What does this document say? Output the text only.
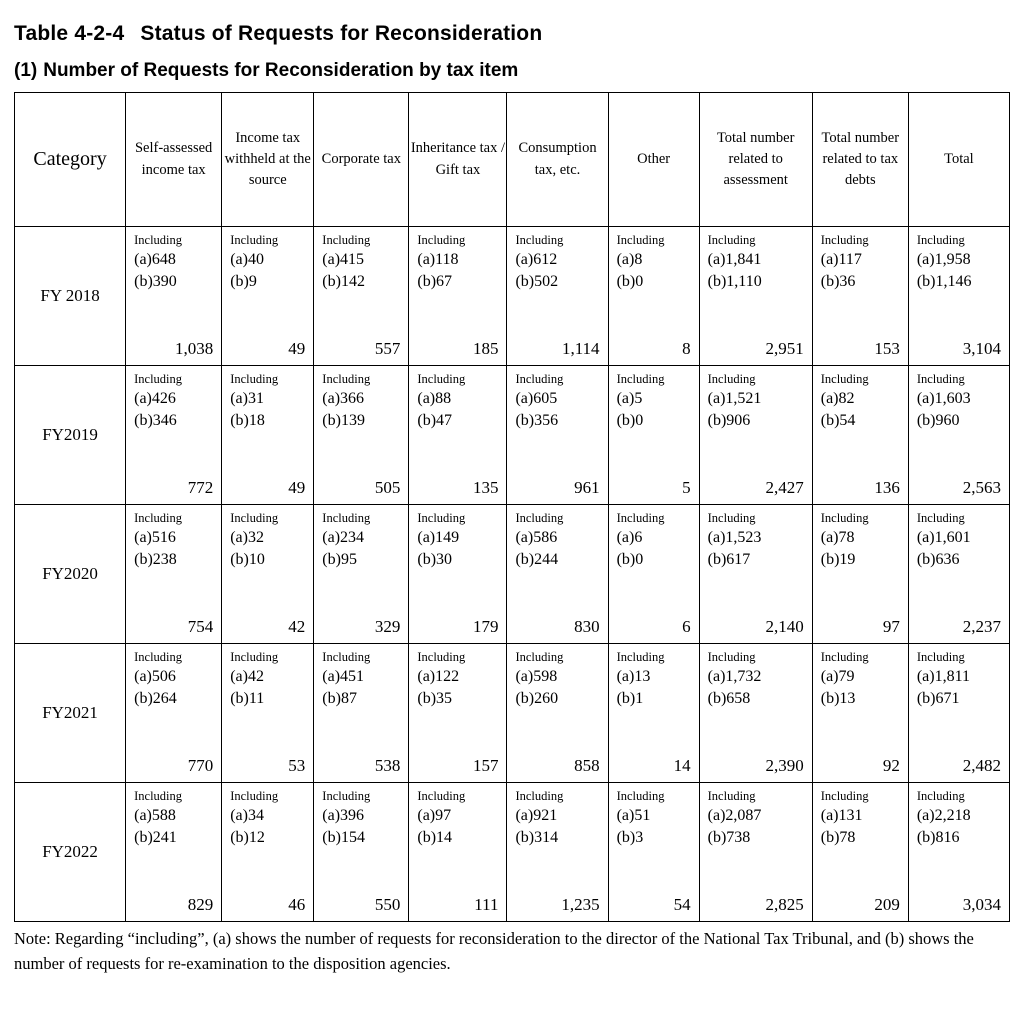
Table 4-2-4 Status of Requests for Reconsideration
(1) Number of Requests for Reconsideration by tax item
Category	Self-assessed income tax	Income tax withheld at the source	Corporate tax	Inheritance tax / Gift tax	Consumption tax, etc.	Other	Total number related to assessment	Total number related to tax debts	Total
FY 2018	
Including
(a)648
(b)390
1,038

Including
(a)40
(b)9
49

Including
(a)415
(b)142
557

Including
(a)118
(b)67
185

Including
(a)612
(b)502
1,114

Including
(a)8
(b)0
8

Including
(a)1,841
(b)1,110
2,951

Including
(a)117
(b)36
153

Including
(a)1,958
(b)1,146
3,104

FY2019	
Including
(a)426
(b)346
772

Including
(a)31
(b)18
49

Including
(a)366
(b)139
505

Including
(a)88
(b)47
135

Including
(a)605
(b)356
961

Including
(a)5
(b)0
5

Including
(a)1,521
(b)906
2,427

Including
(a)82
(b)54
136

Including
(a)1,603
(b)960
2,563

FY2020	
Including
(a)516
(b)238
754

Including
(a)32
(b)10
42

Including
(a)234
(b)95
329

Including
(a)149
(b)30
179

Including
(a)586
(b)244
830

Including
(a)6
(b)0
6

Including
(a)1,523
(b)617
2,140

Including
(a)78
(b)19
97

Including
(a)1,601
(b)636
2,237

FY2021	
Including
(a)506
(b)264
770

Including
(a)42
(b)11
53

Including
(a)451
(b)87
538

Including
(a)122
(b)35
157

Including
(a)598
(b)260
858

Including
(a)13
(b)1
14

Including
(a)1,732
(b)658
2,390

Including
(a)79
(b)13
92

Including
(a)1,811
(b)671
2,482

FY2022	
Including
(a)588
(b)241
829

Including
(a)34
(b)12
46

Including
(a)396
(b)154
550

Including
(a)97
(b)14
111

Including
(a)921
(b)314
1,235

Including
(a)51
(b)3
54

Including
(a)2,087
(b)738
2,825

Including
(a)131
(b)78
209

Including
(a)2,218
(b)816
3,034
Note: Regarding “including”, (a) shows the number of requests for reconsideration to the director of the National Tax Tribunal, and (b) shows the number of requests for re-examination to the disposition agencies.
